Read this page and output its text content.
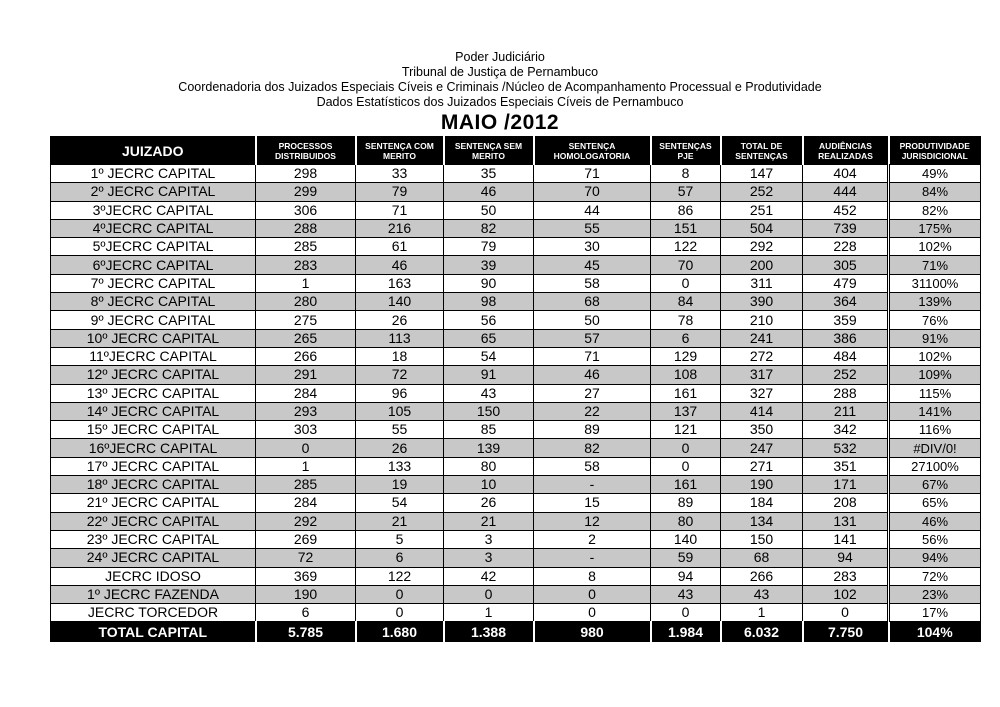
Poder Judiciário
Tribunal de Justiça de Pernambuco
Coordenadoria dos Juizados Especiais Cíveis e Criminais /Núcleo de Acompanhamento Processual e Produtividade
Dados Estatísticos dos Juizados Especiais Cíveis de Pernambuco
MAIO /2012
JUIZADO	PROCESSOS DISTRIBUIDOS	SENTENÇA COM MERITO	SENTENÇA SEM MERITO	SENTENÇA HOMOLOGATORIA	SENTENÇAS PJE	TOTAL DE SENTENÇAS	AUDIÊNCIAS REALIZADAS	PRODUTIVIDADE JURISDICIONAL
1º JECRC CAPITAL	298	33	35	71	8	147	404	49%
2º JECRC CAPITAL	299	79	46	70	57	252	444	84%
3ºJECRC CAPITAL	306	71	50	44	86	251	452	82%
4ºJECRC CAPITAL	288	216	82	55	151	504	739	175%
5ºJECRC CAPITAL	285	61	79	30	122	292	228	102%
6ºJECRC CAPITAL	283	46	39	45	70	200	305	71%
7º JECRC CAPITAL	1	163	90	58	0	311	479	31100%
8º JECRC CAPITAL	280	140	98	68	84	390	364	139%
9º JECRC CAPITAL	275	26	56	50	78	210	359	76%
10º JECRC CAPITAL	265	113	65	57	6	241	386	91%
11ºJECRC CAPITAL	266	18	54	71	129	272	484	102%
12º JECRC CAPITAL	291	72	91	46	108	317	252	109%
13º JECRC CAPITAL	284	96	43	27	161	327	288	115%
14º JECRC CAPITAL	293	105	150	22	137	414	211	141%
15º JECRC CAPITAL	303	55	85	89	121	350	342	116%
16ºJECRC CAPITAL	0	26	139	82	0	247	532	#DIV/0!
17º JECRC CAPITAL	1	133	80	58	0	271	351	27100%
18º JECRC CAPITAL	285	19	10	-	161	190	171	67%
21º JECRC CAPITAL	284	54	26	15	89	184	208	65%
22º JECRC CAPITAL	292	21	21	12	80	134	131	46%
23º JECRC CAPITAL	269	5	3	2	140	150	141	56%
24º JECRC CAPITAL	72	6	3	-	59	68	94	94%
JECRC IDOSO	369	122	42	8	94	266	283	72%
1º JECRC FAZENDA	190	0	0	0	43	43	102	23%
JECRC TORCEDOR	6	0	1	0	0	1	0	17%
TOTAL CAPITAL	5.785	1.680	1.388	980	1.984	6.032	7.750	104%
